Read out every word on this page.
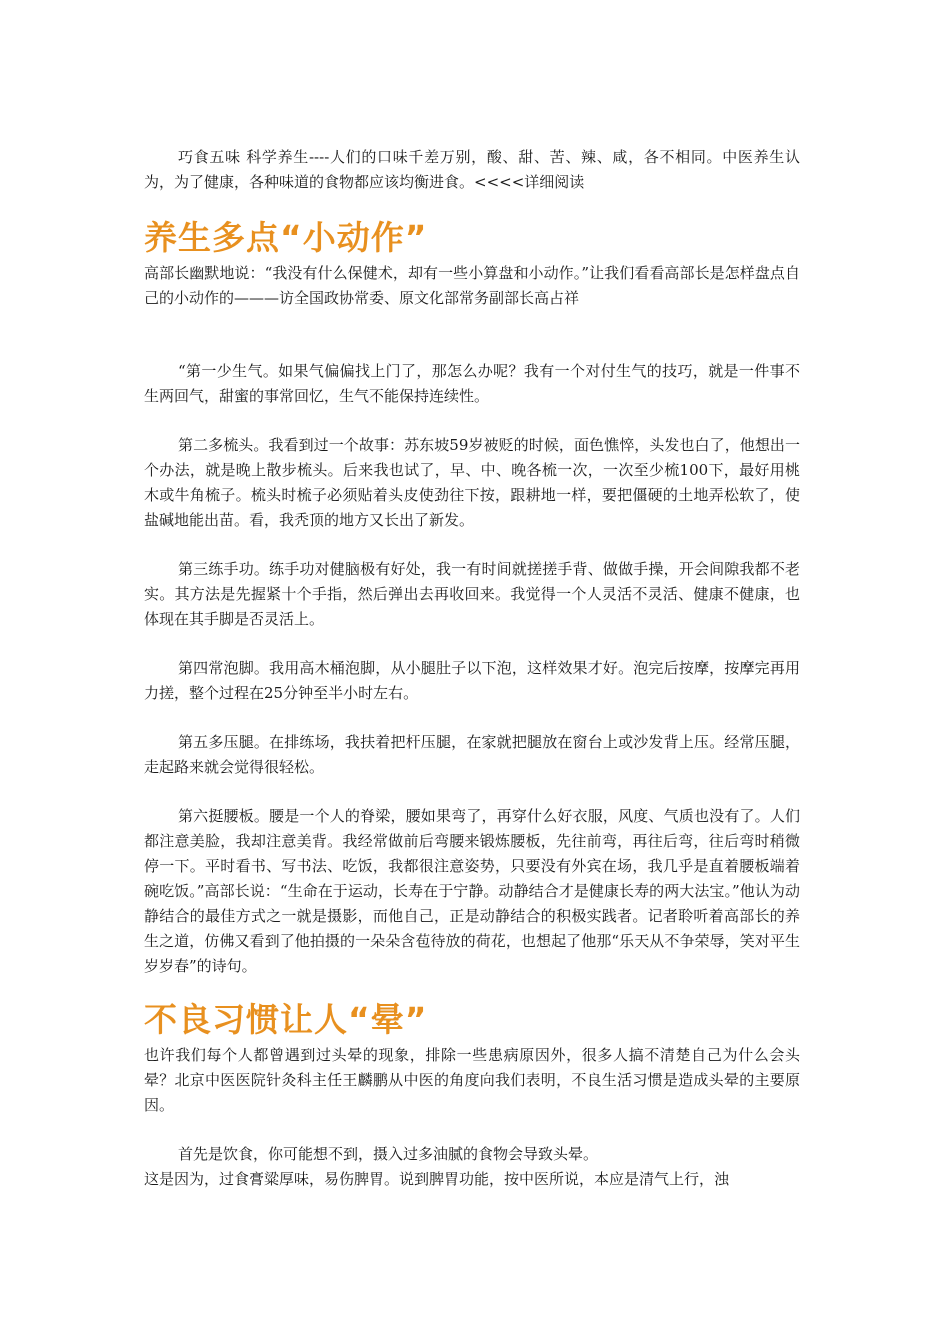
巧食五味 科学养生----人们的口味千差万别，酸、甜、苦、辣、咸，各不相同。中医养生认为，为了健康，各种味道的食物都应该均衡进食。<<<<详细阅读

养生多点“小动作”

高部长幽默地说：“我没有什么保健术，却有一些小算盘和小动作。”让我们看看高部长是怎样盘点自己的小动作的———访全国政协常委、原文化部常务副部长高占祥

“第一少生气。如果气偏偏找上门了，那怎么办呢？我有一个对付生气的技巧，就是一件事不生两回气，甜蜜的事常回忆，生气不能保持连续性。

第二多梳头。我看到过一个故事：苏东坡59岁被贬的时候，面色憔悴，头发也白了，他想出一个办法，就是晚上散步梳头。后来我也试了，早、中、晚各梳一次，一次至少梳100下，最好用桃木或牛角梳子。梳头时梳子必须贴着头皮使劲往下按，跟耕地一样，要把僵硬的土地弄松软了，使盐碱地能出苗。看，我秃顶的地方又长出了新发。

第三练手功。练手功对健脑极有好处，我一有时间就搓搓手背、做做手操，开会间隙我都不老实。其方法是先握紧十个手指，然后弹出去再收回来。我觉得一个人灵活不灵活、健康不健康，也体现在其手脚是否灵活上。

第四常泡脚。我用高木桶泡脚，从小腿肚子以下泡，这样效果才好。泡完后按摩，按摩完再用力搓，整个过程在25分钟至半小时左右。

第五多压腿。在排练场，我扶着把杆压腿，在家就把腿放在窗台上或沙发背上压。经常压腿，走起路来就会觉得很轻松。

第六挺腰板。腰是一个人的脊梁，腰如果弯了，再穿什么好衣服，风度、气质也没有了。人们都注意美脸，我却注意美背。我经常做前后弯腰来锻炼腰板，先往前弯，再往后弯，往后弯时稍微停一下。平时看书、写书法、吃饭，我都很注意姿势，只要没有外宾在场，我几乎是直着腰板端着碗吃饭。”高部长说：“生命在于运动，长寿在于宁静。动静结合才是健康长寿的两大法宝。”他认为动静结合的最佳方式之一就是摄影，而他自己，正是动静结合的积极实践者。记者聆听着高部长的养生之道，仿佛又看到了他拍摄的一朵朵含苞待放的荷花，也想起了他那“乐天从不争荣辱，笑对平生岁岁春”的诗句。

不良习惯让人“晕”

也许我们每个人都曾遇到过头晕的现象，排除一些患病原因外，很多人搞不清楚自己为什么会头晕？北京中医医院针灸科主任王麟鹏从中医的角度向我们表明，不良生活习惯是造成头晕的主要原因。

首先是饮食，你可能想不到，摄入过多油腻的食物会导致头晕。

这是因为，过食膏粱厚味，易伤脾胃。说到脾胃功能，按中医所说，本应是清气上行，浊
